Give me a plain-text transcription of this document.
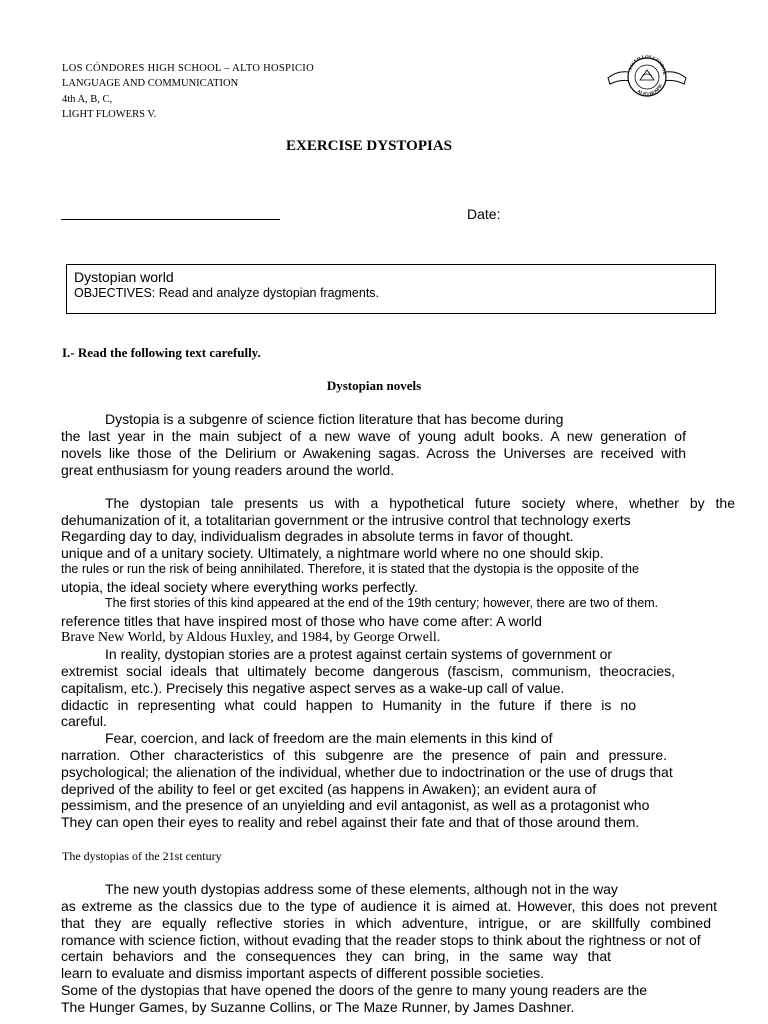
LOS CÓNDORES HIGH SCHOOL – ALTO HOSPICIO
LANGUAGE AND COMMUNICATION
4th A, B, C,
LIGHT FLOWERS V.
LICEO LOS CÓNDOR
ALTO HOSPIC
EXERCISE DYSTOPIAS
Date:
Dystopian world
OBJECTIVES: Read and analyze dystopian fragments.
I.- Read the following text carefully.
Dystopian novels
Dystopia is a subgenre of science fiction literature that has become during
the last year in the main subject of a new wave of young adult books. A new generation of
novels like those of the Delirium or Awakening sagas. Across the Universes are received with
great enthusiasm for young readers around the world.
The dystopian tale presents us with a hypothetical future society where, whether by the
dehumanization of it, a totalitarian government or the intrusive control that technology exerts
Regarding day to day, individualism degrades in absolute terms in favor of thought.
unique and of a unitary society. Ultimately, a nightmare world where no one should skip.
the rules or run the risk of being annihilated. Therefore, it is stated that the dystopia is the opposite of the
utopia, the ideal society where everything works perfectly.
The first stories of this kind appeared at the end of the 19th century; however, there are two of them.
reference titles that have inspired most of those who have come after: A world
Brave New World, by Aldous Huxley, and 1984, by George Orwell.
In reality, dystopian stories are a protest against certain systems of government or
extremist social ideals that ultimately become dangerous (fascism, communism, theocracies,
capitalism, etc.). Precisely this negative aspect serves as a wake-up call of value.
didactic in representing what could happen to Humanity in the future if there is no
careful.
Fear, coercion, and lack of freedom are the main elements in this kind of
narration. Other characteristics of this subgenre are the presence of pain and pressure.
psychological; the alienation of the individual, whether due to indoctrination or the use of drugs that
deprived of the ability to feel or get excited (as happens in Awaken); an evident aura of
pessimism, and the presence of an unyielding and evil antagonist, as well as a protagonist who
They can open their eyes to reality and rebel against their fate and that of those around them.
The dystopias of the 21st century
The new youth dystopias address some of these elements, although not in the way
as extreme as the classics due to the type of audience it is aimed at. However, this does not prevent
that they are equally reflective stories in which adventure, intrigue, or are skillfully combined
romance with science fiction, without evading that the reader stops to think about the rightness or not of
certain behaviors and the consequences they can bring, in the same way that
learn to evaluate and dismiss important aspects of different possible societies.
Some of the dystopias that have opened the doors of the genre to many young readers are the
The Hunger Games, by Suzanne Collins, or The Maze Runner, by James Dashner.
